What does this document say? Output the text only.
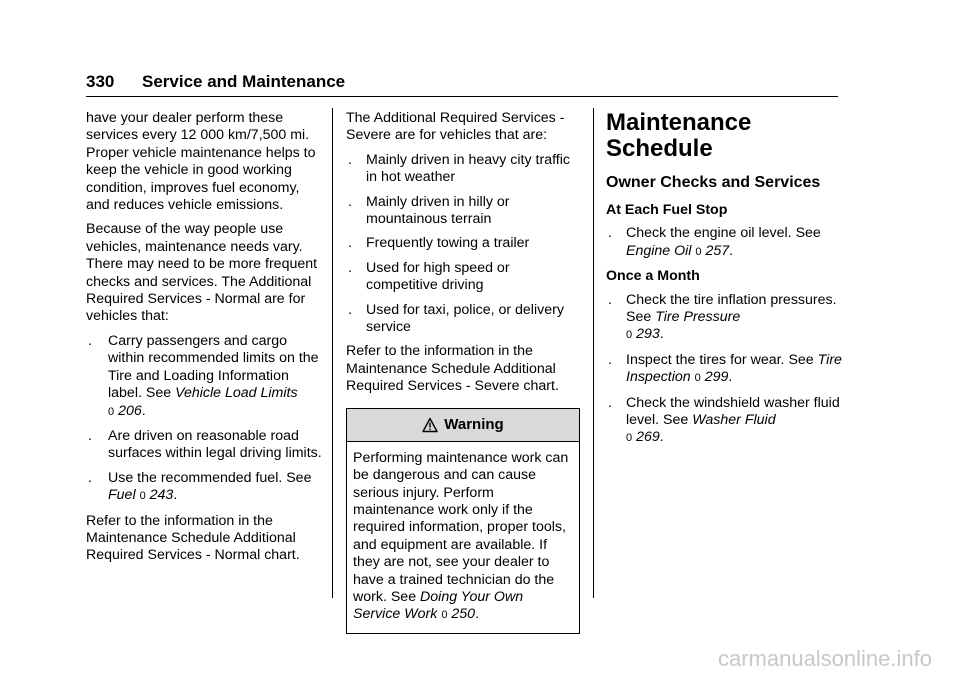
330 Service and Maintenance

have your dealer perform these services every 12 000 km/7,500 mi. Proper vehicle maintenance helps to keep the vehicle in good working condition, improves fuel economy, and reduces vehicle emissions.

Because of the way people use vehicles, maintenance needs vary. There may need to be more frequent checks and services. The Additional Required Services - Normal are for vehicles that:

. Carry passengers and cargo within recommended limits on the Tire and Loading Information label. See Vehicle Load Limits
0 206.
. Are driven on reasonable road surfaces within legal driving limits.
. Use the recommended fuel. See
Fuel 0 243.

Refer to the information in the Maintenance Schedule Additional Required Services - Normal chart.

The Additional Required Services - Severe are for vehicles that are:

. Mainly driven in heavy city traffic in hot weather
. Mainly driven in hilly or mountainous terrain
. Frequently towing a trailer
. Used for high speed or competitive driving
. Used for taxi, police, or delivery service

Refer to the information in the Maintenance Schedule Additional Required Services - Severe chart.

Warning
Performing maintenance work can be dangerous and can cause serious injury. Perform maintenance work only if the required information, proper tools, and equipment are available. If they are not, see your dealer to have a trained technician do the work. See Doing Your Own Service Work 0 250.
Maintenance Schedule
Owner Checks and Services
At Each Fuel Stop
. Check the engine oil level. See Engine Oil 0 257.
Once a Month
. Check the tire inflation pressures. See Tire Pressure
0 293.
. Inspect the tires for wear. See Tire Inspection 0 299.
. Check the windshield washer fluid level. See Washer Fluid
0 269.
carmanualsonline.info
